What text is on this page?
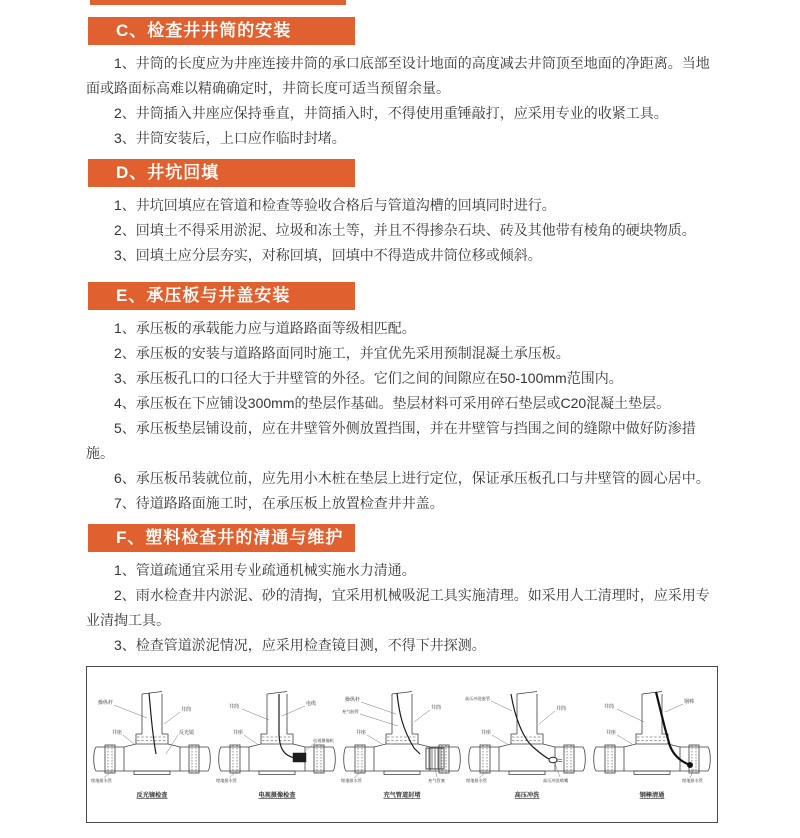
C、检查井井筒的安装

1、井筒的长度应为井座连接井筒的承口底部至设计地面的高度减去井筒顶至地面的净距离。当地面或路面标高难以精确确定时，井筒长度可适当预留余量。

2、井筒插入井座应保持垂直，井筒插入时，不得使用重锤敲打，应采用专业的收紧工具。

3、井筒安装后，上口应作临时封堵。

D、井坑回填

1、井坑回填应在管道和检查等验收合格后与管道沟槽的回填同时进行。

2、回填土不得采用淤泥、垃圾和冻土等，并且不得掺杂石块、砖及其他带有棱角的硬块物质。

3、回填土应分层夯实，对称回填，回填中不得造成井筒位移或倾斜。

E、承压板与井盖安装

1、承压板的承载能力应与道路路面等级相匹配。

2、承压板的安装与道路路面同时施工，并宜优先采用预制混凝土承压板。

3、承压板孔口的口径大于井壁管的外径。它们之间的间隙应在50-100mm范围内。

4、承压板在下应铺设300mm的垫层作基础。垫层材料可采用碎石垫层或C20混凝土垫层。

5、承压板垫层铺设前，应在井壁管外侧放置挡围，并在井壁管与挡围之间的缝隙中做好防渗措施。

6、承压板吊装就位前，应先用小木桩在垫层上进行定位，保证承压板孔口与井壁管的圆心居中。

7、待道路路面施工时，在承压板上放置检查井井盖。

F、塑料检查井的清通与维护

1、管道疏通宜采用专业疏通机械实施水力清通。

2、雨水检查井内淤泥、砂的清掏，宜采用机械吸泥工具实施清理。如采用人工清理时，应采用专业清掏工具。

3、检查管道淤泥情况，应采用检查镜目测，不得下井探测。

操纵杆
井筒
井座	反光镜
埋地排水管
反光镜检查
井筒	电缆
井座
电视摄像机
埋地排水管
电视摄像检查
操纵杆
充气胶管
井筒
井座
充气管塞
埋地排水管
充气管道封堵
高压冲洗胶管
井筒
井座
高压冲洗喷嘴
埋地排水管
高压冲洗
井筒
钢棒
井座
埋地排水管
钢棒清通
